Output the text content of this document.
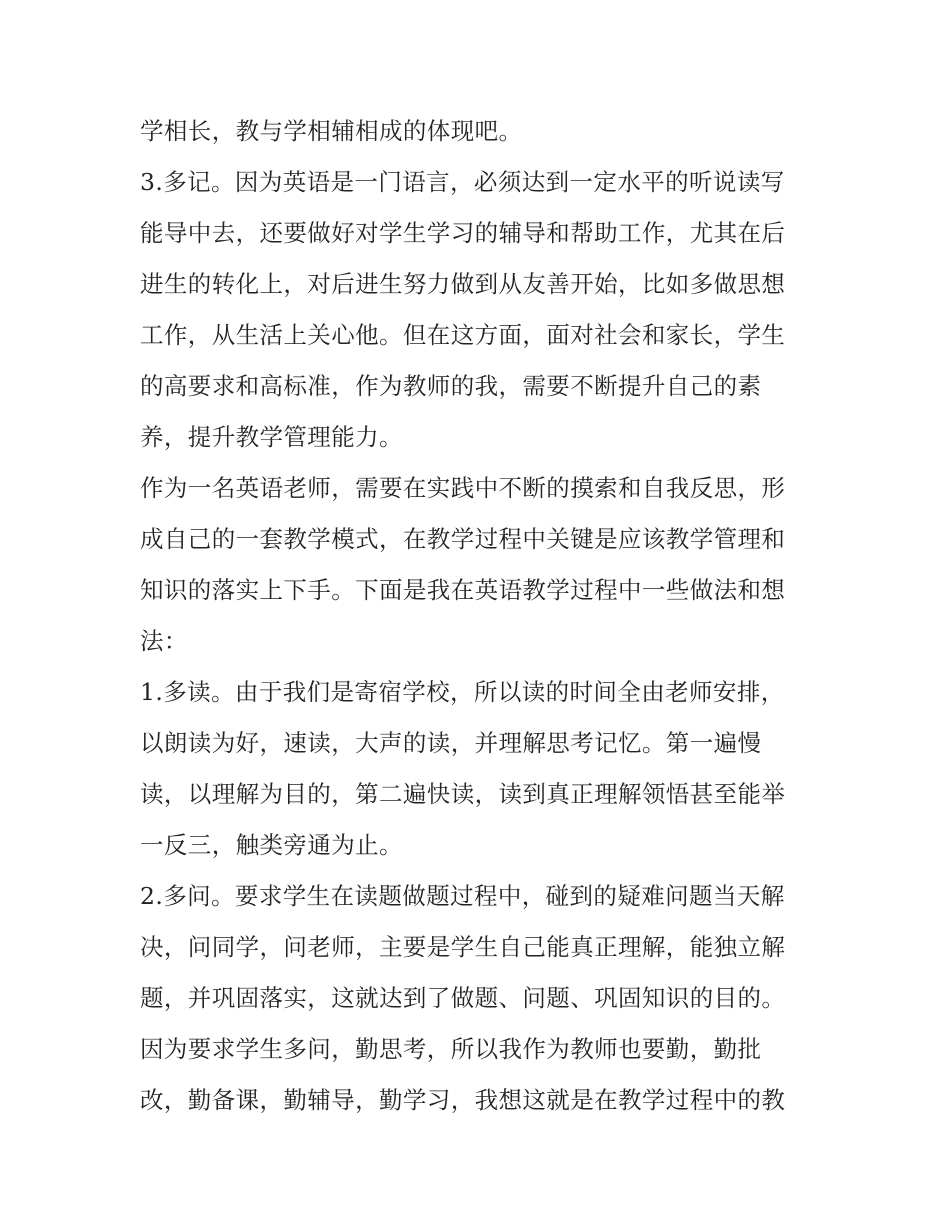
学相长，教与学相辅相成的体现吧。
3.多记。因为英语是一门语言，必须达到一定水平的听说读写
能导中去，还要做好对学生学习的辅导和帮助工作，尤其在后
进生的转化上，对后进生努力做到从友善开始，比如多做思想
工作，从生活上关心他。但在这方面，面对社会和家长，学生
的高要求和高标准，作为教师的我，需要不断提升自己的素
养，提升教学管理能力。
作为一名英语老师，需要在实践中不断的摸索和自我反思，形
成自己的一套教学模式，在教学过程中关键是应该教学管理和
知识的落实上下手。下面是我在英语教学过程中一些做法和想
法：
1.多读。由于我们是寄宿学校，所以读的时间全由老师安排，
以朗读为好，速读，大声的读，并理解思考记忆。第一遍慢
读，以理解为目的，第二遍快读，读到真正理解领悟甚至能举
一反三，触类旁通为止。
2.多问。要求学生在读题做题过程中，碰到的疑难问题当天解
决，问同学，问老师，主要是学生自己能真正理解，能独立解
题，并巩固落实，这就达到了做题、问题、巩固知识的目的。
因为要求学生多问，勤思考，所以我作为教师也要勤，勤批
改，勤备课，勤辅导，勤学习，我想这就是在教学过程中的教
